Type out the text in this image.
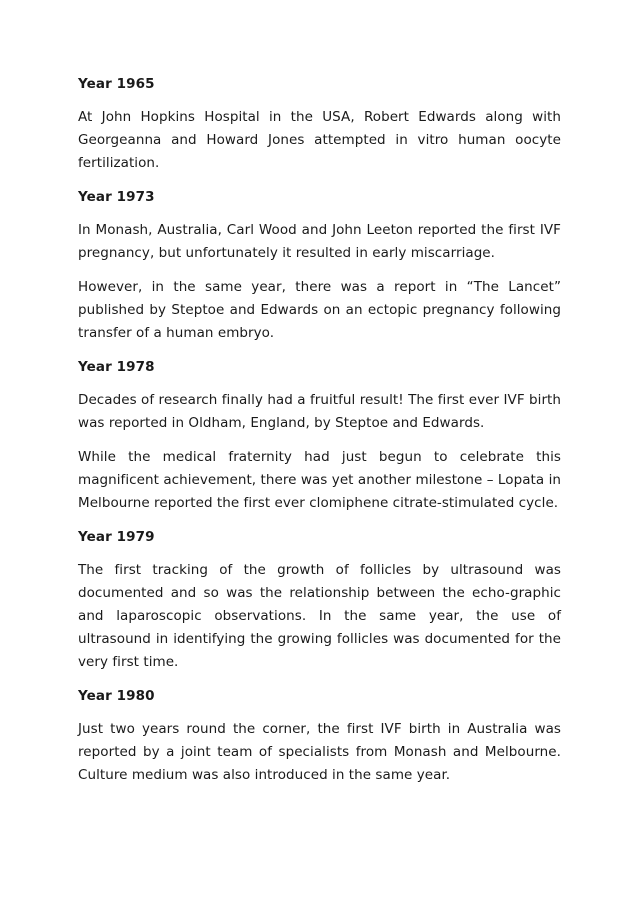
Year 1965

At John Hopkins Hospital in the USA, Robert Edwards along with Georgeanna and Howard Jones attempted in vitro human oocyte fertilization.

Year 1973

In Monash, Australia, Carl Wood and John Leeton reported the first IVF pregnancy, but unfortunately it resulted in early miscarriage.

However, in the same year, there was a report in “The Lancet” published by Steptoe and Edwards on an ectopic pregnancy following transfer of a human embryo.

Year 1978

Decades of research finally had a fruitful result! The first ever IVF birth was reported in Oldham, England, by Steptoe and Edwards.

While the medical fraternity had just begun to celebrate this magnificent achievement, there was yet another milestone – Lopata in Melbourne reported the first ever clomiphene citrate-stimulated cycle.

Year 1979

The first tracking of the growth of follicles by ultrasound was documented and so was the relationship between the echo-graphic and laparoscopic observations. In the same year, the use of ultrasound in identifying the growing follicles was documented for the very first time.

Year 1980

Just two years round the corner, the first IVF birth in Australia was reported by a joint team of specialists from Monash and Melbourne. Culture medium was also introduced in the same year.
